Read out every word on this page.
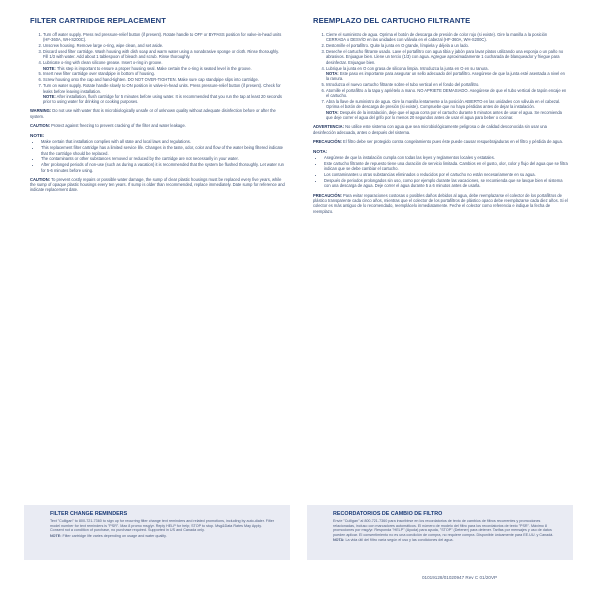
FILTER CARTRIDGE REPLACEMENT
1. Turn off water supply. Press red pressure-relief button (if present). Rotate handle to OFF or BYPASS position for valve-in-head units (HF-360A, WH-S200C).
2. Unscrew housing. Remove large o-ring, wipe clean, and set aside.
3. Discard used filter cartridge. Wash housing with dish soap and warm water using a nonabrasive sponge or cloth. Rinse thoroughly. Fill 1/3 with water. Add about 1 tablespoon of bleach and scrub. Rinse thoroughly.
4. Lubricate o-ring with clean silicone grease. Insert o-ring in groove.
NOTE: This step is important to ensure a proper housing seal. Make certain the o-ring is seated level in the groove.
5. Insert new filter cartridge over standpipe in bottom of housing.
6. Screw housing onto the cap and hand-tighten. DO NOT OVER-TIGHTEN. Make sure cap standpipe slips into cartridge.
7. Turn on water supply. Rotate handle slowly to ON position in valve-in-head units. Press pressure-relief button (if present). Check for leaks before leaving installation.
NOTE: After installation, flush cartridge for 5 minutes before using water. It is recommended that you run the tap at least 20 seconds prior to using water for drinking or cooking purposes.

WARNING: Do not use with water that is microbiologically unsafe or of unknown quality without adequate disinfection before or after the system.

CAUTION: Protect against freezing to prevent cracking of the filter and water leakage.

NOTE:
• Make certain that installation complies with all state and local laws and regulations.
• This replacement filter cartridge has a limited service life. Changes in the taste, odor, color and flow of the water being filtered indicate that the cartridge should be replaced.
• The contaminants or other substances removed or reduced by the cartridge are not necessarily in your water.
• After prolonged periods of non-use (such as during a vacation) it is recommended that the system be flushed thoroughly. Let water run for 5-6 minutes before using.

CAUTION: To prevent costly repairs or possible water damage, the sump of clear plastic housings must be replaced every five years, while the sump of opaque plastic housings every ten years. If sump is older than recommended, replace immediately. Date sump for reference and indicate replacement date.

REEMPLAZO DEL CARTUCHO FILTRANTE
1. Cierre el suministro de agua. Oprima el botón de descarga de presión de color rojo (si existe). Gire la manilla a la posición CERRADA o DESVÍO en las unidades con válvula en el cabezal (HF-360A, WH-S200C).
2. Destornille el portafiltro. Quite la junta en O grande, límpiela y déjela a un lado.
3. Deseche el cartucho filtrante usado. Lave el portafiltro con agua tibia y jabón para lavar platos utilizando una esponja o un paño no abrasivos. Enjuague bien. Llene un tercio (1/3) con agua. Agregue aproximadamente 1 cucharada de blanqueador y friegue para desinfectar. Enjuague bien.
4. Lubrique la junta en O con grasa de silicona limpia. Introduzca la junta en O en su ranura.
NOTA: Este paso es importante para asegurar un sello adecuado del portafiltro. Asegúrese de que la junta esté asentada a nivel en la ranura.
5. Introduzca el nuevo cartucho filtrante sobre el tubo vertical en el fondo del portafiltro.
6. Atornille el portafiltro a la tapa y apriételo a mano. NO APRIETE DEMASIADO. Asegúrese de que el tubo vertical de tapón encaje en el cartucho.
7. Abra la llave de suministro de agua. Gire la manilla lentamente a la posición ABIERTO en las unidades con válvula en el cabezal. Oprima el botón de descarga de presión (si existe). Compruebe que no haya pérdidas antes de dejar la instalación.
NOTA: Después de la instalación, deje que el agua corra por el cartucho durante 5 minutos antes de usar el agua. Se recomienda que deje correr el agua del grifo por lo menos 20 segundos antes de usar el agua para beber o cocinar.

ADVERTENCIA: No utilice este sistema con agua que sea microbiológicamente peligrosa o de calidad desconocida sin usar una desinfección adecuada, antes o después del sistema.

PRECAUCIÓN: El filtro debe ser protegido contra congelamiento pues éste puede causar resquebrajaduras en el filtro y pérdida de agua.

NOTA:
• Asegúrese de que la instalación cumpla con todas las leyes y reglamentos locales y estatales.
• Este cartucho filtrante de repuesto tiene una duración de servicio limitada. Cambios en el gusto, olor, color y flujo del agua que se filtra indican que se debe cambiar el cartucho.
• Los contaminantes u otras substancias eliminados o reducidos por el cartucho no están necesariamente en su agua.
• Después de periodos prolongados sin uso, como por ejemplo durante las vacaciones, se recomienda que se lavque bien el sistema con una descarga de agua. Deje correr el agua durante 5 a 6 minutos antes de usarla.

PRECAUCIÓN: Para evitar reparaciones costosas o posibles daños debidos al agua, debe reemplazarse el colector de los portafiltros de plástico transparente cada cinco años, mientras que el colector de los portafiltros de plástico opaco debe reemplazarse cada diez años. Si el colector es más antiguo de lo recomendado, reemplácelo inmediatamente. Feche el colector como referencia e indique la fecha de reemplazo.

FILTER CHANGE REMINDERS
Text "Culligan" to 800-721-7360 to sign up for recurring filter change text reminders and related promotions, including by auto-dialer. Filter model number for text reminders is "PSR". Max 8 promo msg/yr. Reply HELP for help; STOP to stop. Msg&Data Rates May Apply. Consent not a condition of purchase, no purchase required. Supported in US and Canada only.
NOTE: Filter cartridge life varies depending on usage and water quality.
RECORDATORIOS DE CAMBIO DE FILTRO
Envíe "Culligan" al 800-721-7360 para inscribirse en los recordatorios de texto de cambios de filtros recurrentes y promociones relacionadas, incluso con marcadores automáticos. El número de modelo del filtro para los recordatorios de texto "PSR". Máximo 8 promociones por msg/yr. Responda "HELP" (Ayuda) para ayuda, "STOP" (Detener) para detener. Tarifas por mensajes y uso de datos pueden aplicar. El consentimiento no es una condición de compra, no requiere compra. Disponible únicamente para EE.UU. y Canadá.
NOTA: La vida útil del filtro varía según el uso y las condiciones del agua.
01019128/01020947 Rev C 01/20VP
